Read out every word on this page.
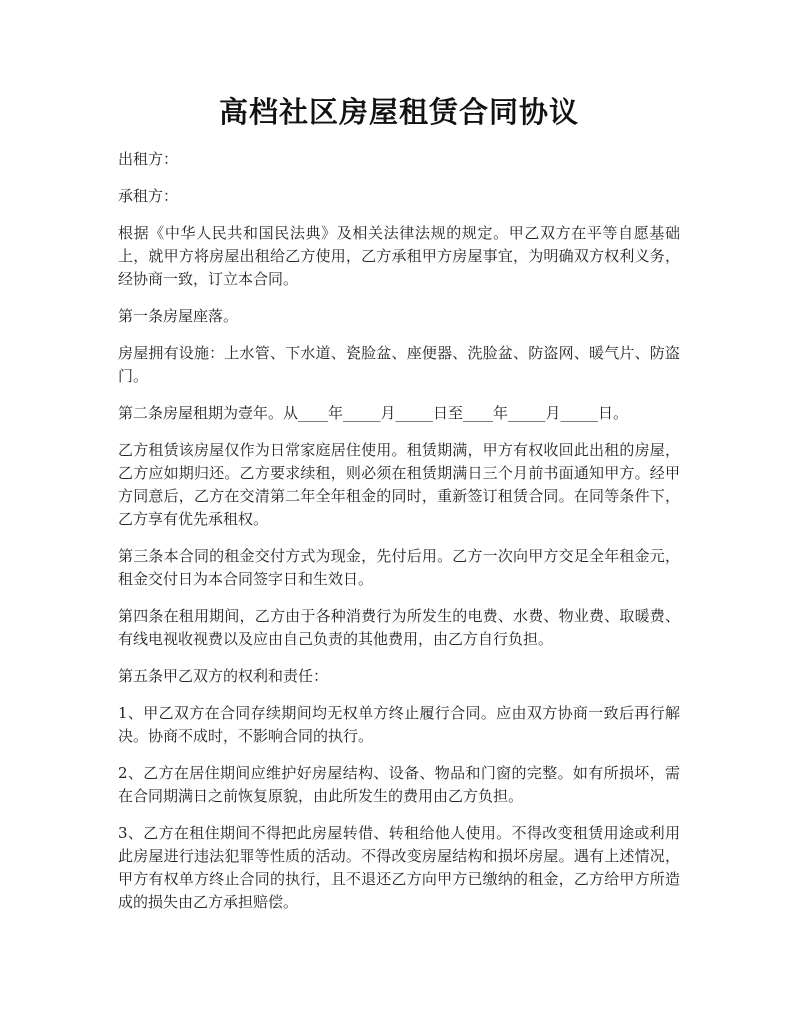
高档社区房屋租赁合同协议

出租方：

承租方：

根据《中华人民共和国民法典》及相关法律法规的规定。甲乙双方在平等自愿基础上，就甲方将房屋出租给乙方使用，乙方承租甲方房屋事宜，为明确双方权利义务，经协商一致，订立本合同。

第一条房屋座落。

房屋拥有设施：上水管、下水道、瓷脸盆、座便器、洗脸盆、防盗网、暖气片、防盗门。

第二条房屋租期为壹年。从____年_____月_____日至____年_____月_____日。

乙方租赁该房屋仅作为日常家庭居住使用。租赁期满，甲方有权收回此出租的房屋，乙方应如期归还。乙方要求续租，则必须在租赁期满日三个月前书面通知甲方。经甲方同意后，乙方在交清第二年全年租金的同时，重新签订租赁合同。在同等条件下，乙方享有优先承租权。

第三条本合同的租金交付方式为现金，先付后用。乙方一次向甲方交足全年租金元，租金交付日为本合同签字日和生效日。

第四条在租用期间，乙方由于各种消费行为所发生的电费、水费、物业费、取暖费、有线电视收视费以及应由自己负责的其他费用，由乙方自行负担。

第五条甲乙双方的权利和责任：

1、甲乙双方在合同存续期间均无权单方终止履行合同。应由双方协商一致后再行解决。协商不成时，不影响合同的执行。

2、乙方在居住期间应维护好房屋结构、设备、物品和门窗的完整。如有所损坏，需在合同期满日之前恢复原貌，由此所发生的费用由乙方负担。

3、乙方在租住期间不得把此房屋转借、转租给他人使用。不得改变租赁用途或利用此房屋进行违法犯罪等性质的活动。不得改变房屋结构和损坏房屋。遇有上述情况，甲方有权单方终止合同的执行，且不退还乙方向甲方已缴纳的租金，乙方给甲方所造成的损失由乙方承担赔偿。
